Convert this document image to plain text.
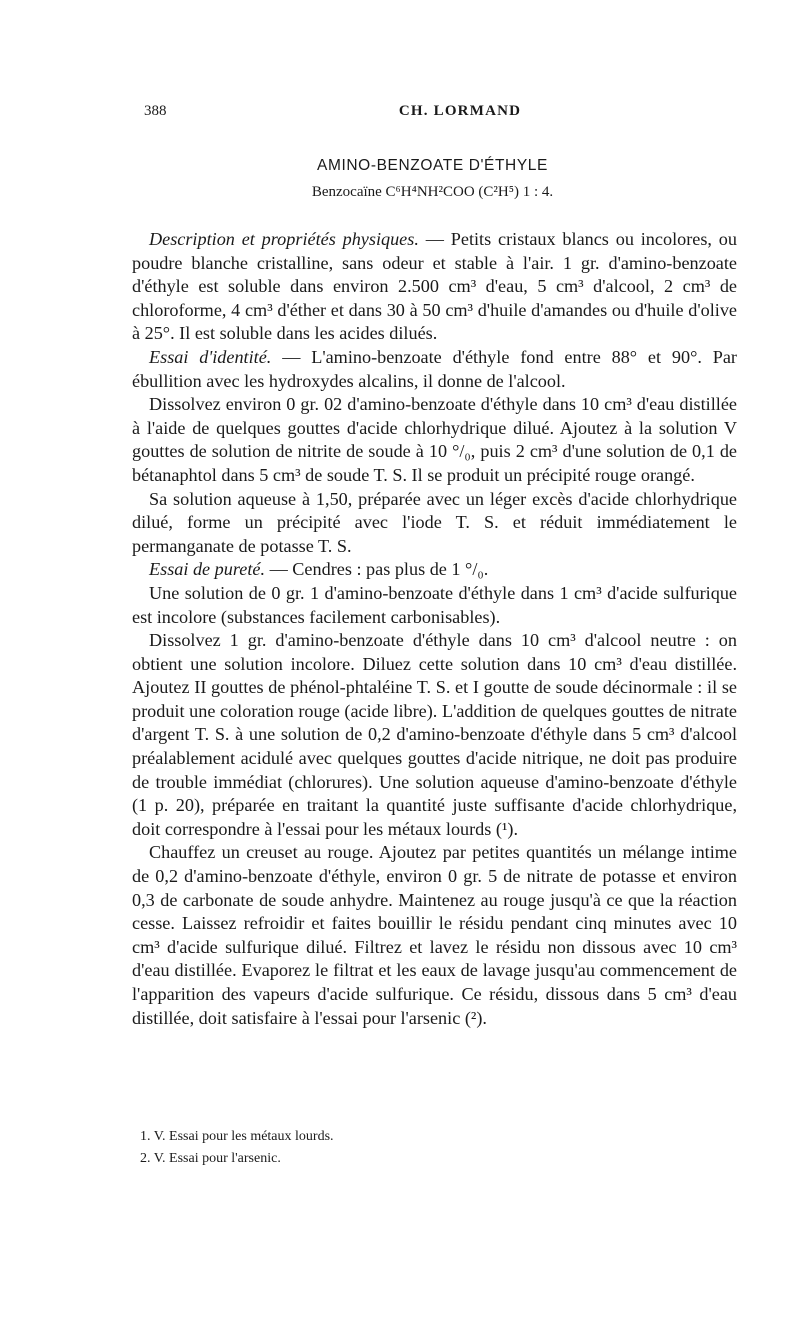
388	CH. LORMAND
AMINO-BENZOATE D'ÉTHYLE
Benzocaïne C⁶H⁴NH²COO (C²H⁵) 1 : 4.

Description et propriétés physiques. — Petits cristaux blancs ou incolores, ou poudre blanche cristalline, sans odeur et stable à l'air. 1 gr. d'amino-benzoate d'éthyle est soluble dans environ 2.500 cm³ d'eau, 5 cm³ d'alcool, 2 cm³ de chloroforme, 4 cm³ d'éther et dans 30 à 50 cm³ d'huile d'amandes ou d'huile d'olive à 25°. Il est soluble dans les acides dilués.

Essai d'identité. — L'amino-benzoate d'éthyle fond entre 88° et 90°. Par ébullition avec les hydroxydes alcalins, il donne de l'alcool.

Dissolvez environ 0 gr. 02 d'amino-benzoate d'éthyle dans 10 cm³ d'eau distillée à l'aide de quelques gouttes d'acide chlorhydrique dilué. Ajoutez à la solution V gouttes de solution de nitrite de soude à 10 °/₀, puis 2 cm³ d'une solution de 0,1 de bétanaphtol dans 5 cm³ de soude T. S. Il se produit un précipité rouge orangé.

Sa solution aqueuse à 1,50, préparée avec un léger excès d'acide chlorhydrique dilué, forme un précipité avec l'iode T. S. et réduit immédiatement le permanganate de potasse T. S.

Essai de pureté. — Cendres : pas plus de 1 °/₀.

Une solution de 0 gr. 1 d'amino-benzoate d'éthyle dans 1 cm³ d'acide sulfurique est incolore (substances facilement carbonisables).

Dissolvez 1 gr. d'amino-benzoate d'éthyle dans 10 cm³ d'alcool neutre : on obtient une solution incolore. Diluez cette solution dans 10 cm³ d'eau distillée. Ajoutez II gouttes de phénol-phtaléine T. S. et I goutte de soude décinormale : il se produit une coloration rouge (acide libre). L'addition de quelques gouttes de nitrate d'argent T. S. à une solution de 0,2 d'amino-benzoate d'éthyle dans 5 cm³ d'alcool préalablement acidulé avec quelques gouttes d'acide nitrique, ne doit pas produire de trouble immédiat (chlorures). Une solution aqueuse d'amino-benzoate d'éthyle (1 p. 20), préparée en traitant la quantité juste suffisante d'acide chlorhydrique, doit correspondre à l'essai pour les métaux lourds (¹).

Chauffez un creuset au rouge. Ajoutez par petites quantités un mélange intime de 0,2 d'amino-benzoate d'éthyle, environ 0 gr. 5 de nitrate de potasse et environ 0,3 de carbonate de soude anhydre. Maintenez au rouge jusqu'à ce que la réaction cesse. Laissez refroidir et faites bouillir le résidu pendant cinq minutes avec 10 cm³ d'acide sulfurique dilué. Filtrez et lavez le résidu non dissous avec 10 cm³ d'eau distillée. Evaporez le filtrat et les eaux de lavage jusqu'au commencement de l'apparition des vapeurs d'acide sulfurique. Ce résidu, dissous dans 5 cm³ d'eau distillée, doit satisfaire à l'essai pour l'arsenic (²).

1. V. Essai pour les métaux lourds.
2. V. Essai pour l'arsenic.
